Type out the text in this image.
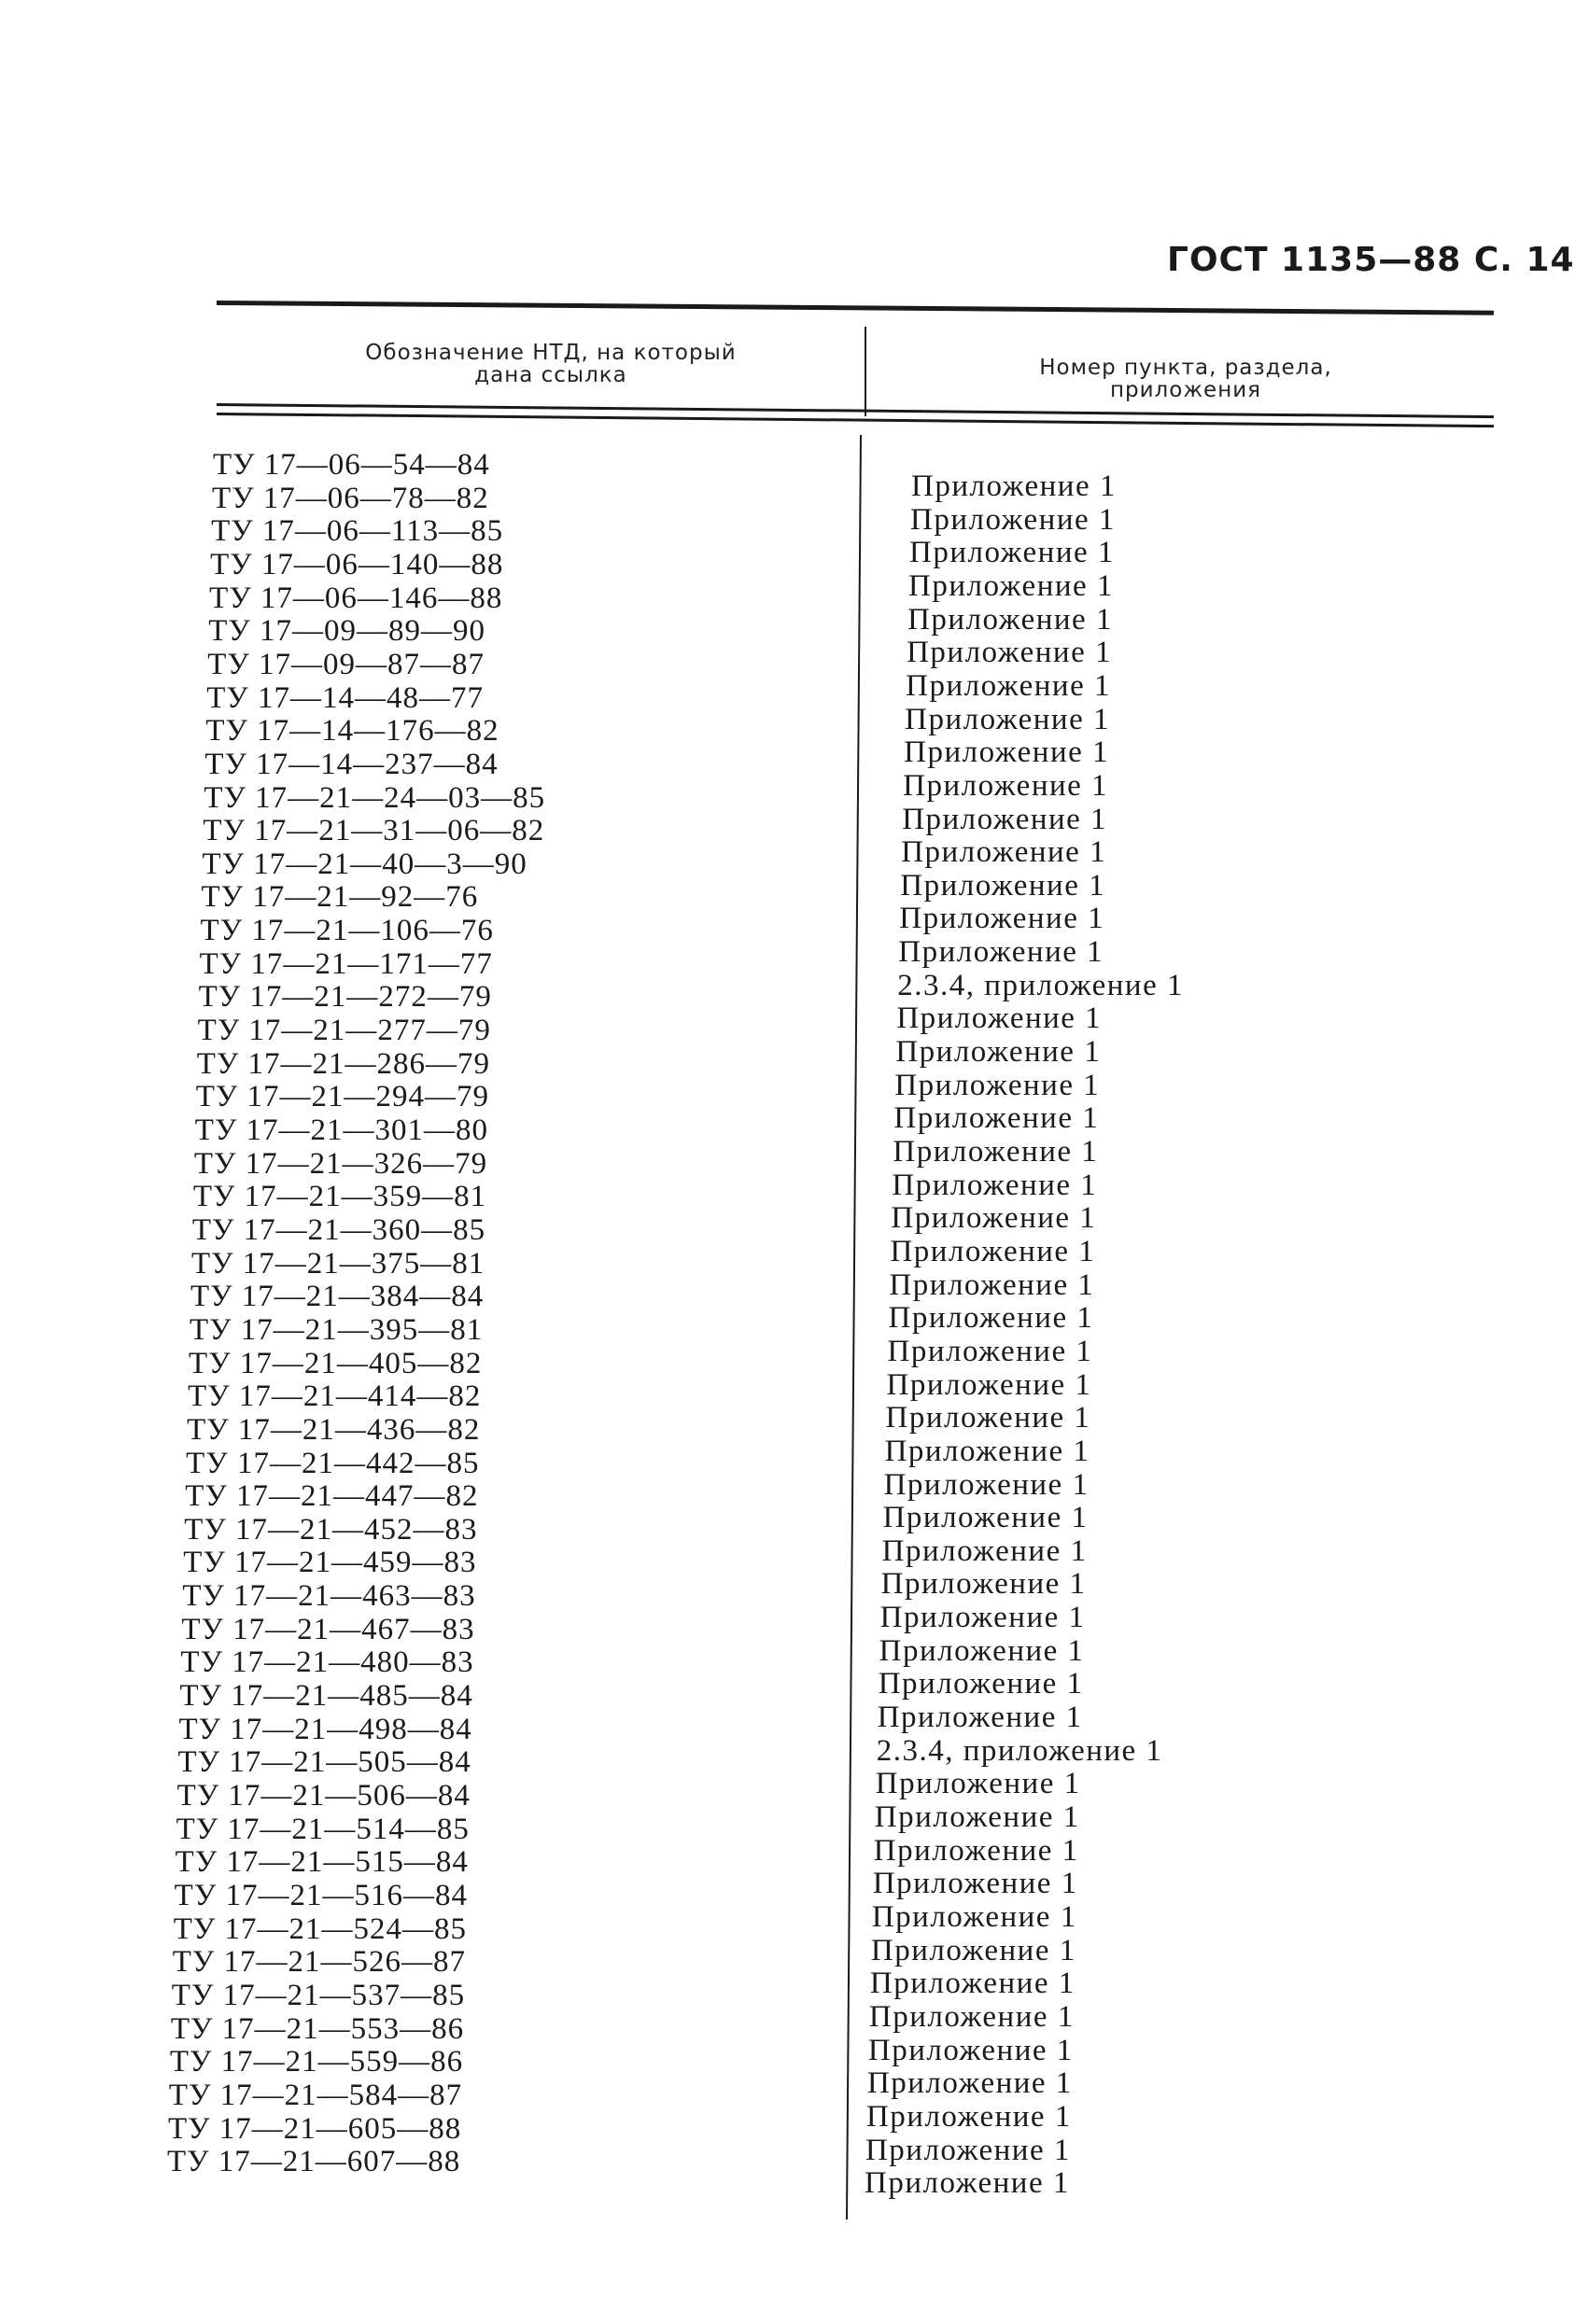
ГОСТ 1135—88 С. 14
Обозначение НТД, на который
дана ссылка	Номер пункта, раздела,
приложения
ТУ 17—06—54—84
Приложение 1
ТУ 17—06—78—82
Приложение 1
ТУ 17—06—113—85
Приложение 1
ТУ 17—06—140—88
Приложение 1
ТУ 17—06—146—88
Приложение 1
ТУ 17—09—89—90
Приложение 1
ТУ 17—09—87—87
Приложение 1
ТУ 17—14—48—77
Приложение 1
ТУ 17—14—176—82
Приложение 1
ТУ 17—14—237—84
Приложение 1
ТУ 17—21—24—03—85
Приложение 1
ТУ 17—21—31—06—82
Приложение 1
ТУ 17—21—40—3—90
Приложение 1
ТУ 17—21—92—76
Приложение 1
ТУ 17—21—106—76
Приложение 1
ТУ 17—21—171—77
2.3.4, приложение 1
ТУ 17—21—272—79
Приложение 1
ТУ 17—21—277—79
Приложение 1
ТУ 17—21—286—79
Приложение 1
ТУ 17—21—294—79
Приложение 1
ТУ 17—21—301—80
Приложение 1
ТУ 17—21—326—79
Приложение 1
ТУ 17—21—359—81
Приложение 1
ТУ 17—21—360—85
Приложение 1
ТУ 17—21—375—81
Приложение 1
ТУ 17—21—384—84
Приложение 1
ТУ 17—21—395—81
Приложение 1
ТУ 17—21—405—82
Приложение 1
ТУ 17—21—414—82
Приложение 1
ТУ 17—21—436—82
Приложение 1
ТУ 17—21—442—85
Приложение 1
ТУ 17—21—447—82
Приложение 1
ТУ 17—21—452—83
Приложение 1
ТУ 17—21—459—83
Приложение 1
ТУ 17—21—463—83
Приложение 1
ТУ 17—21—467—83
Приложение 1
ТУ 17—21—480—83
Приложение 1
ТУ 17—21—485—84
Приложение 1
ТУ 17—21—498—84
2.3.4, приложение 1
ТУ 17—21—505—84
Приложение 1
ТУ 17—21—506—84
Приложение 1
ТУ 17—21—514—85
Приложение 1
ТУ 17—21—515—84
Приложение 1
ТУ 17—21—516—84
Приложение 1
ТУ 17—21—524—85
Приложение 1
ТУ 17—21—526—87
Приложение 1
ТУ 17—21—537—85
Приложение 1
ТУ 17—21—553—86
Приложение 1
ТУ 17—21—559—86
Приложение 1
ТУ 17—21—584—87
Приложение 1
ТУ 17—21—605—88
Приложение 1
ТУ 17—21—607—88
Приложение 1
